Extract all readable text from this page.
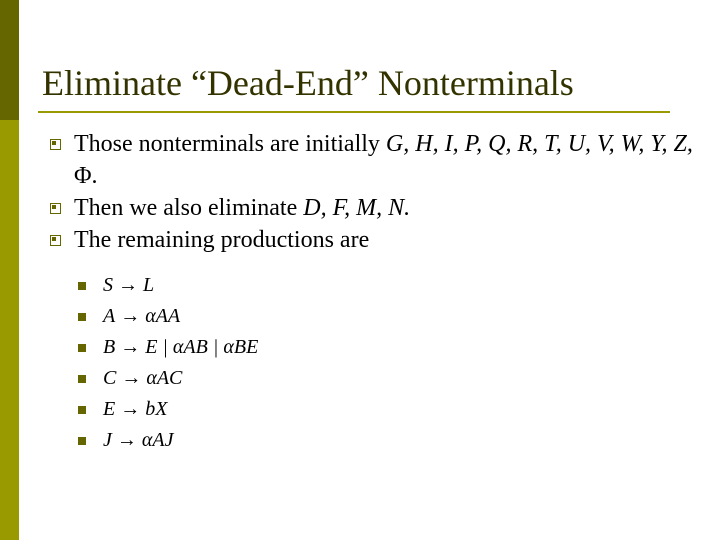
Eliminate “Dead-End” Nonterminals
Those nonterminals are initially G, H, I, P, Q, R, T, U, V, W, Y, Z, Φ.
Then we also eliminate D, F, M, N.
The remaining productions are
S → L
A → αAA
B → E | αAB | αBE
C → αAC
E → bX
J → αAJ
